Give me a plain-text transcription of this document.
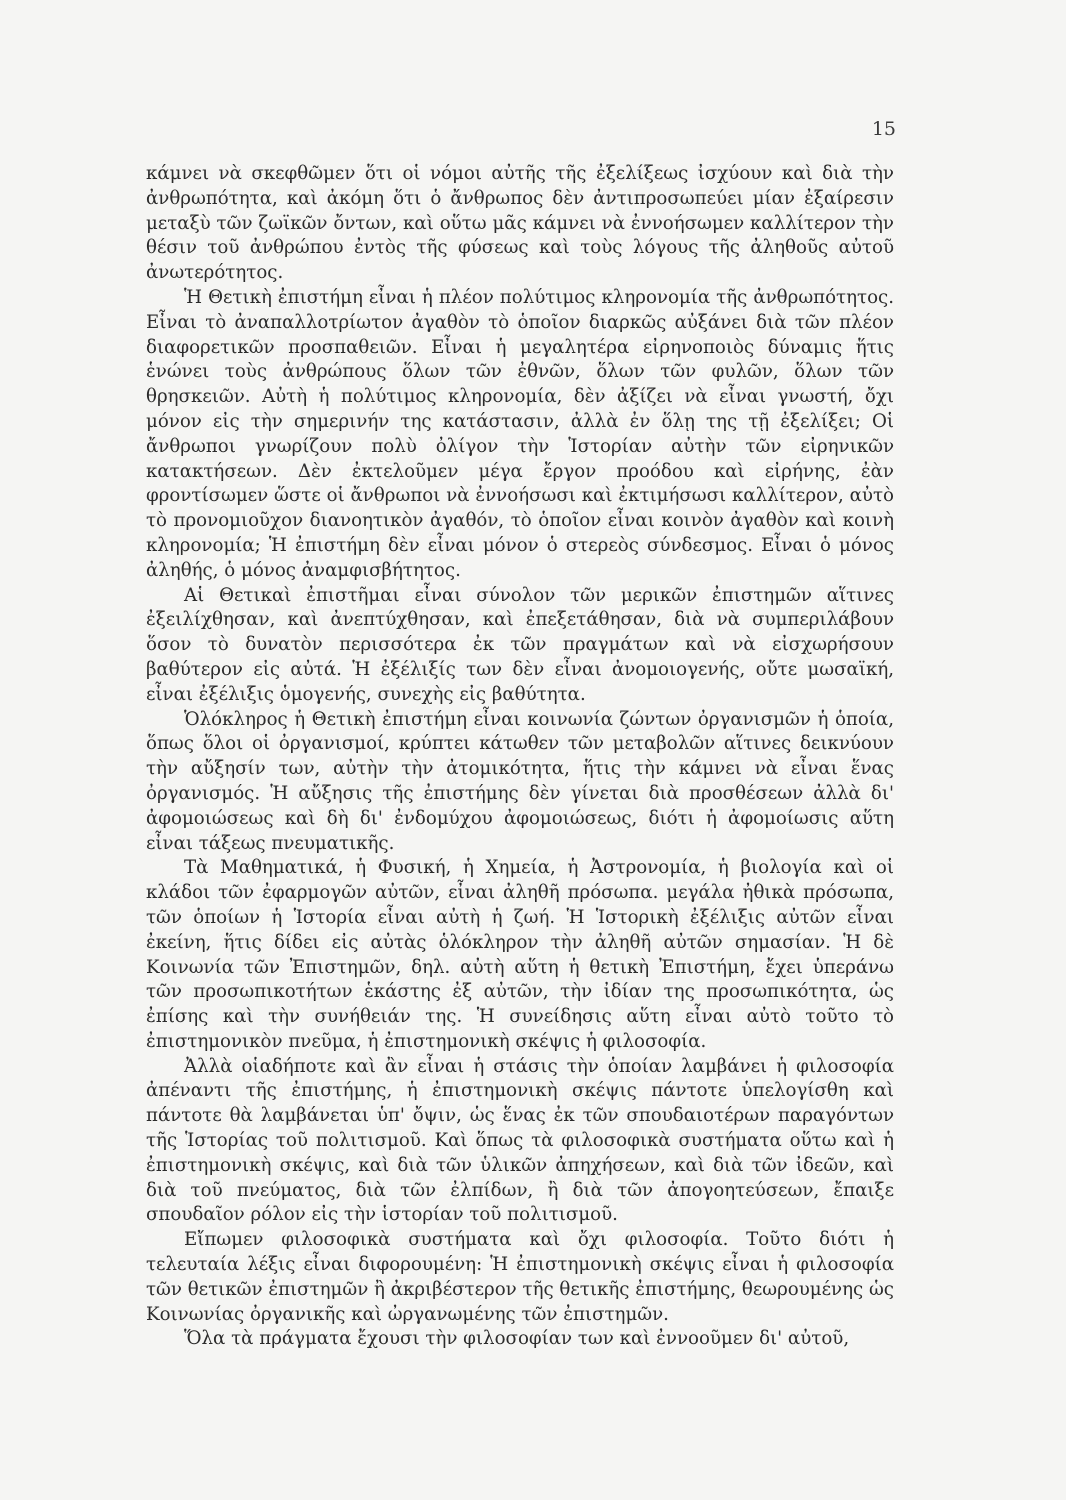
15

κάμνει νὰ σκεφθῶμεν ὅτι οἱ νόμοι αὐτῆς τῆς ἐξελίξεως ἰσχύουν καὶ διὰ τὴν ἀνθρωπότητα, καὶ ἀκόμη ὅτι ὁ ἄνθρωπος δὲν ἀντιπροσωπεύει μίαν ἐξαίρεσιν μεταξὺ τῶν ζωϊκῶν ὄντων, καὶ οὕτω μᾶς κάμνει νὰ ἐννοήσωμεν καλλίτερον τὴν θέσιν τοῦ ἀνθρώπου ἐντὸς τῆς φύσεως καὶ τοὺς λόγους τῆς ἀληθοῦς αὐτοῦ ἀνωτερότητος.

Ἡ Θετικὴ ἐπιστήμη εἶναι ἡ πλέον πολύτιμος κληρονομία τῆς ἀνθρωπότητος. Εἶναι τὸ ἀναπαλλοτρίωτον ἀγαθὸν τὸ ὁποῖον διαρκῶς αὐξάνει διὰ τῶν πλέον διαφορετικῶν προσπαθειῶν. Εἶναι ἡ μεγαλητέρα εἰρηνοποιὸς δύναμις ἥτις ἑνώνει τοὺς ἀνθρώπους ὅλων τῶν ἐθνῶν, ὅλων τῶν φυλῶν, ὅλων τῶν θρησκειῶν. Αὐτὴ ἡ πολύτιμος κληρονομία, δὲν ἀξίζει νὰ εἶναι γνωστή, ὄχι μόνον εἰς τὴν σημερινήν της κατάστασιν, ἀλλὰ ἐν ὅλῃ της τῇ ἐξελίξει; Οἱ ἄνθρωποι γνωρίζουν πολὺ ὀλίγον τὴν Ἱστορίαν αὐτὴν τῶν εἰρηνικῶν κατακτήσεων. Δὲν ἐκτελοῦμεν μέγα ἔργον προόδου καὶ εἰρήνης, ἐὰν φροντίσωμεν ὥστε οἱ ἄνθρωποι νὰ ἐννοήσωσι καὶ ἐκτιμήσωσι καλλίτερον, αὐτὸ τὸ προνομιοῦχον διανοητικὸν ἀγαθόν, τὸ ὁποῖον εἶναι κοινὸν ἀγαθὸν καὶ κοινὴ κληρονομία; Ἡ ἐπιστήμη δὲν εἶναι μόνον ὁ στερεὸς σύνδεσμος. Εἶναι ὁ μόνος ἀληθής, ὁ μόνος ἀναμφισβήτητος.

Αἱ Θετικαὶ ἐπιστῆμαι εἶναι σύνολον τῶν μερικῶν ἐπιστημῶν αἵτινες ἐξειλίχθησαν, καὶ ἀνεπτύχθησαν, καὶ ἐπεξετάθησαν, διὰ νὰ συμπεριλάβουν ὅσον τὸ δυνατὸν περισσότερα ἐκ τῶν πραγμάτων καὶ νὰ εἰσχωρήσουν βαθύτερον εἰς αὐτά. Ἡ ἐξέλιξίς των δὲν εἶναι ἀνομοιογενής, οὔτε μωσαϊκή, εἶναι ἐξέλιξις ὁμογενής, συνεχὴς εἰς βαθύτητα.

Ὁλόκληρος ἡ Θετικὴ ἐπιστήμη εἶναι κοινωνία ζώντων ὀργανισμῶν ἡ ὁποία, ὅπως ὅλοι οἱ ὀργανισμοί, κρύπτει κάτωθεν τῶν μεταβολῶν αἵτινες δεικνύουν τὴν αὔξησίν των, αὐτὴν τὴν ἀτομικότητα, ἥτις τὴν κάμνει νὰ εἶναι ἕνας ὀργανισμός. Ἡ αὔξησις τῆς ἐπιστήμης δὲν γίνεται διὰ προσθέσεων ἀλλὰ δι' ἀφομοιώσεως καὶ δὴ δι' ἐνδομύχου ἀφομοιώσεως, διότι ἡ ἀφομοίωσις αὕτη εἶναι τάξεως πνευματικῆς.

Τὰ Μαθηματικά, ἡ Φυσική, ἡ Χημεία, ἡ Ἀστρονομία, ἡ βιολογία καὶ οἱ κλάδοι τῶν ἐφαρμογῶν αὐτῶν, εἶναι ἀληθῆ πρόσωπα. μεγάλα ἠθικὰ πρόσωπα, τῶν ὁποίων ἡ Ἱστορία εἶναι αὐτὴ ἡ ζωή. Ἡ Ἱστορικὴ ἐξέλιξις αὐτῶν εἶναι ἐκείνη, ἥτις δίδει εἰς αὐτὰς ὁλόκληρον τὴν ἀληθῆ αὐτῶν σημασίαν. Ἡ δὲ Κοινωνία τῶν Ἐπιστημῶν, δηλ. αὐτὴ αὕτη ἡ θετικὴ Ἐπιστήμη, ἔχει ὑπεράνω τῶν προσωπικοτήτων ἑκάστης ἐξ αὐτῶν, τὴν ἰδίαν της προσωπικότητα, ὡς ἐπίσης καὶ τὴν συνήθειάν της. Ἡ συνείδησις αὕτη εἶναι αὐτὸ τοῦτο τὸ ἐπιστημονικὸν πνεῦμα, ἡ ἐπιστημονικὴ σκέψις ἡ φιλοσοφία.

Ἀλλὰ οἱαδήποτε καὶ ἂν εἶναι ἡ στάσις τὴν ὁποίαν λαμβάνει ἡ φιλοσοφία ἀπέναντι τῆς ἐπιστήμης, ἡ ἐπιστημονικὴ σκέψις πάντοτε ὑπελογίσθη καὶ πάντοτε θὰ λαμβάνεται ὑπ' ὄψιν, ὡς ἕνας ἐκ τῶν σπουδαιοτέρων παραγόντων τῆς Ἱστορίας τοῦ πολιτισμοῦ. Καὶ ὅπως τὰ φιλοσοφικὰ συστήματα οὕτω καὶ ἡ ἐπιστημονικὴ σκέψις, καὶ διὰ τῶν ὑλικῶν ἀπηχήσεων, καὶ διὰ τῶν ἰδεῶν, καὶ διὰ τοῦ πνεύματος, διὰ τῶν ἐλπίδων, ἢ διὰ τῶν ἀπογοητεύσεων, ἔπαιξε σπουδαῖον ρόλον εἰς τὴν ἱστορίαν τοῦ πολιτισμοῦ.

Εἴπωμεν φιλοσοφικὰ συστήματα καὶ ὄχι φιλοσοφία. Τοῦτο διότι ἡ τελευταία λέξις εἶναι διφορουμένη: Ἡ ἐπιστημονικὴ σκέψις εἶναι ἡ φιλοσοφία τῶν θετικῶν ἐπιστημῶν ἢ ἀκριβέστερον τῆς θετικῆς ἐπιστήμης, θεωρουμένης ὡς Κοινωνίας ὀργανικῆς καὶ ὠργανωμένης τῶν ἐπιστημῶν.

Ὅλα τὰ πράγματα ἔχουσι τὴν φιλοσοφίαν των καὶ ἐννοοῦμεν δι' αὐτοῦ,
